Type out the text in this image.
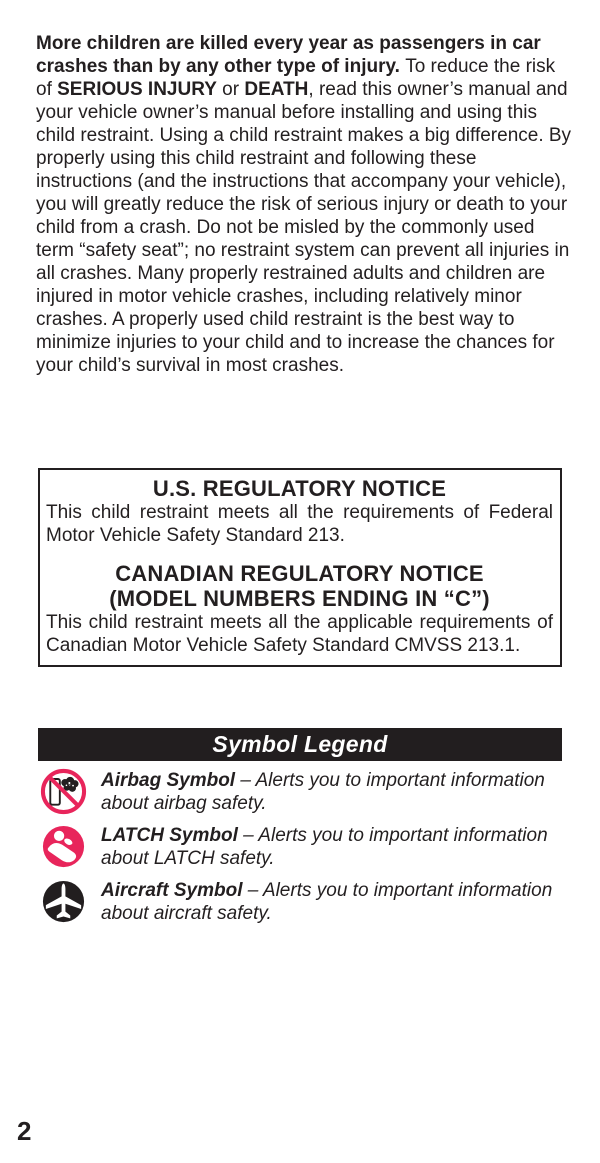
More children are killed every year as passengers in car crashes than by any other type of injury. To reduce the risk of SERIOUS INJURY or DEATH, read this owner’s manual and your vehicle owner’s manual before installing and using this child restraint. Using a child restraint makes a big difference. By properly using this child restraint and following these instructions (and the instructions that accompany your vehicle), you will greatly reduce the risk of serious injury or death to your child from a crash. Do not be misled by the commonly used term “safety seat”; no restraint system can prevent all injuries in all crashes. Many properly restrained adults and children are injured in motor vehicle crashes, including relatively minor crashes. A properly used child restraint is the best way to minimize injuries to your child and to increase the chances for your child’s survival in most crashes.

U.S. REGULATORY NOTICE

This child restraint meets all the requirements of Federal Motor Vehicle Safety Standard 213.

CANADIAN REGULATORY NOTICE
(MODEL NUMBERS ENDING IN “C”)

This child restraint meets all the applicable requirements of Canadian Motor Vehicle Safety Standard CMVSS 213.1.

Symbol Legend

Airbag Symbol – Alerts you to important information about airbag safety.

LATCH Symbol – Alerts you to important information about LATCH safety.

Aircraft Symbol – Alerts you to important information about aircraft safety.

2
